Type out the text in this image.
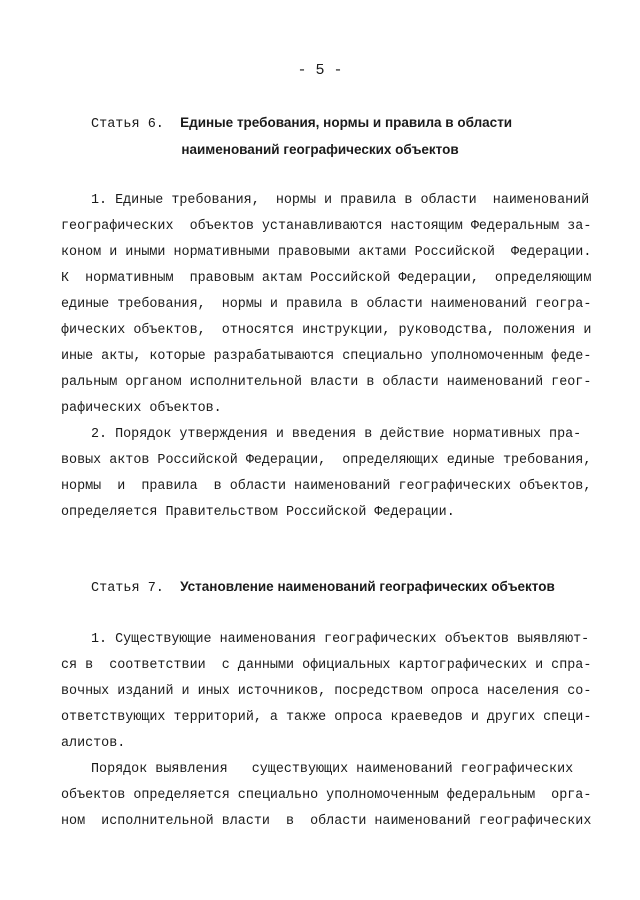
- 5 -
Статья 6. Единые требования, нормы и правила в области
наименований географических объектов
1. Единые требования,  нормы и правила в области  наименований
географических  объектов устанавливаются настоящим Федеральным за-
коном и иными нормативными правовыми актами Российской  Федерации.
К  нормативным  правовым актам Российской Федерации,  определяющим
единые требования,  нормы и правила в области наименований геогра-
фических объектов,  относятся инструкции, руководства, положения и
иные акты, которые разрабатываются специально уполномоченным феде-
ральным органом исполнительной власти в области наименований геог-
рафических объектов.
2. Порядок утверждения и введения в действие нормативных пра-
вовых актов Российской Федерации,  определяющих единые требования,
нормы  и  правила  в области наименований географических объектов,
определяется Правительством Российской Федерации.
Статья 7. Установление наименований географических объектов
1. Существующие наименования географических объектов выявляют-
ся в  соответствии  с данными официальных картографических и спра-
вочных изданий и иных источников, посредством опроса населения со-
ответствующих территорий, а также опроса краеведов и других специ-
алистов.
Порядок выявления   существующих наименований географических
объектов определяется специально уполномоченным федеральным  орга-
ном  исполнительной власти  в  области наименований географических
